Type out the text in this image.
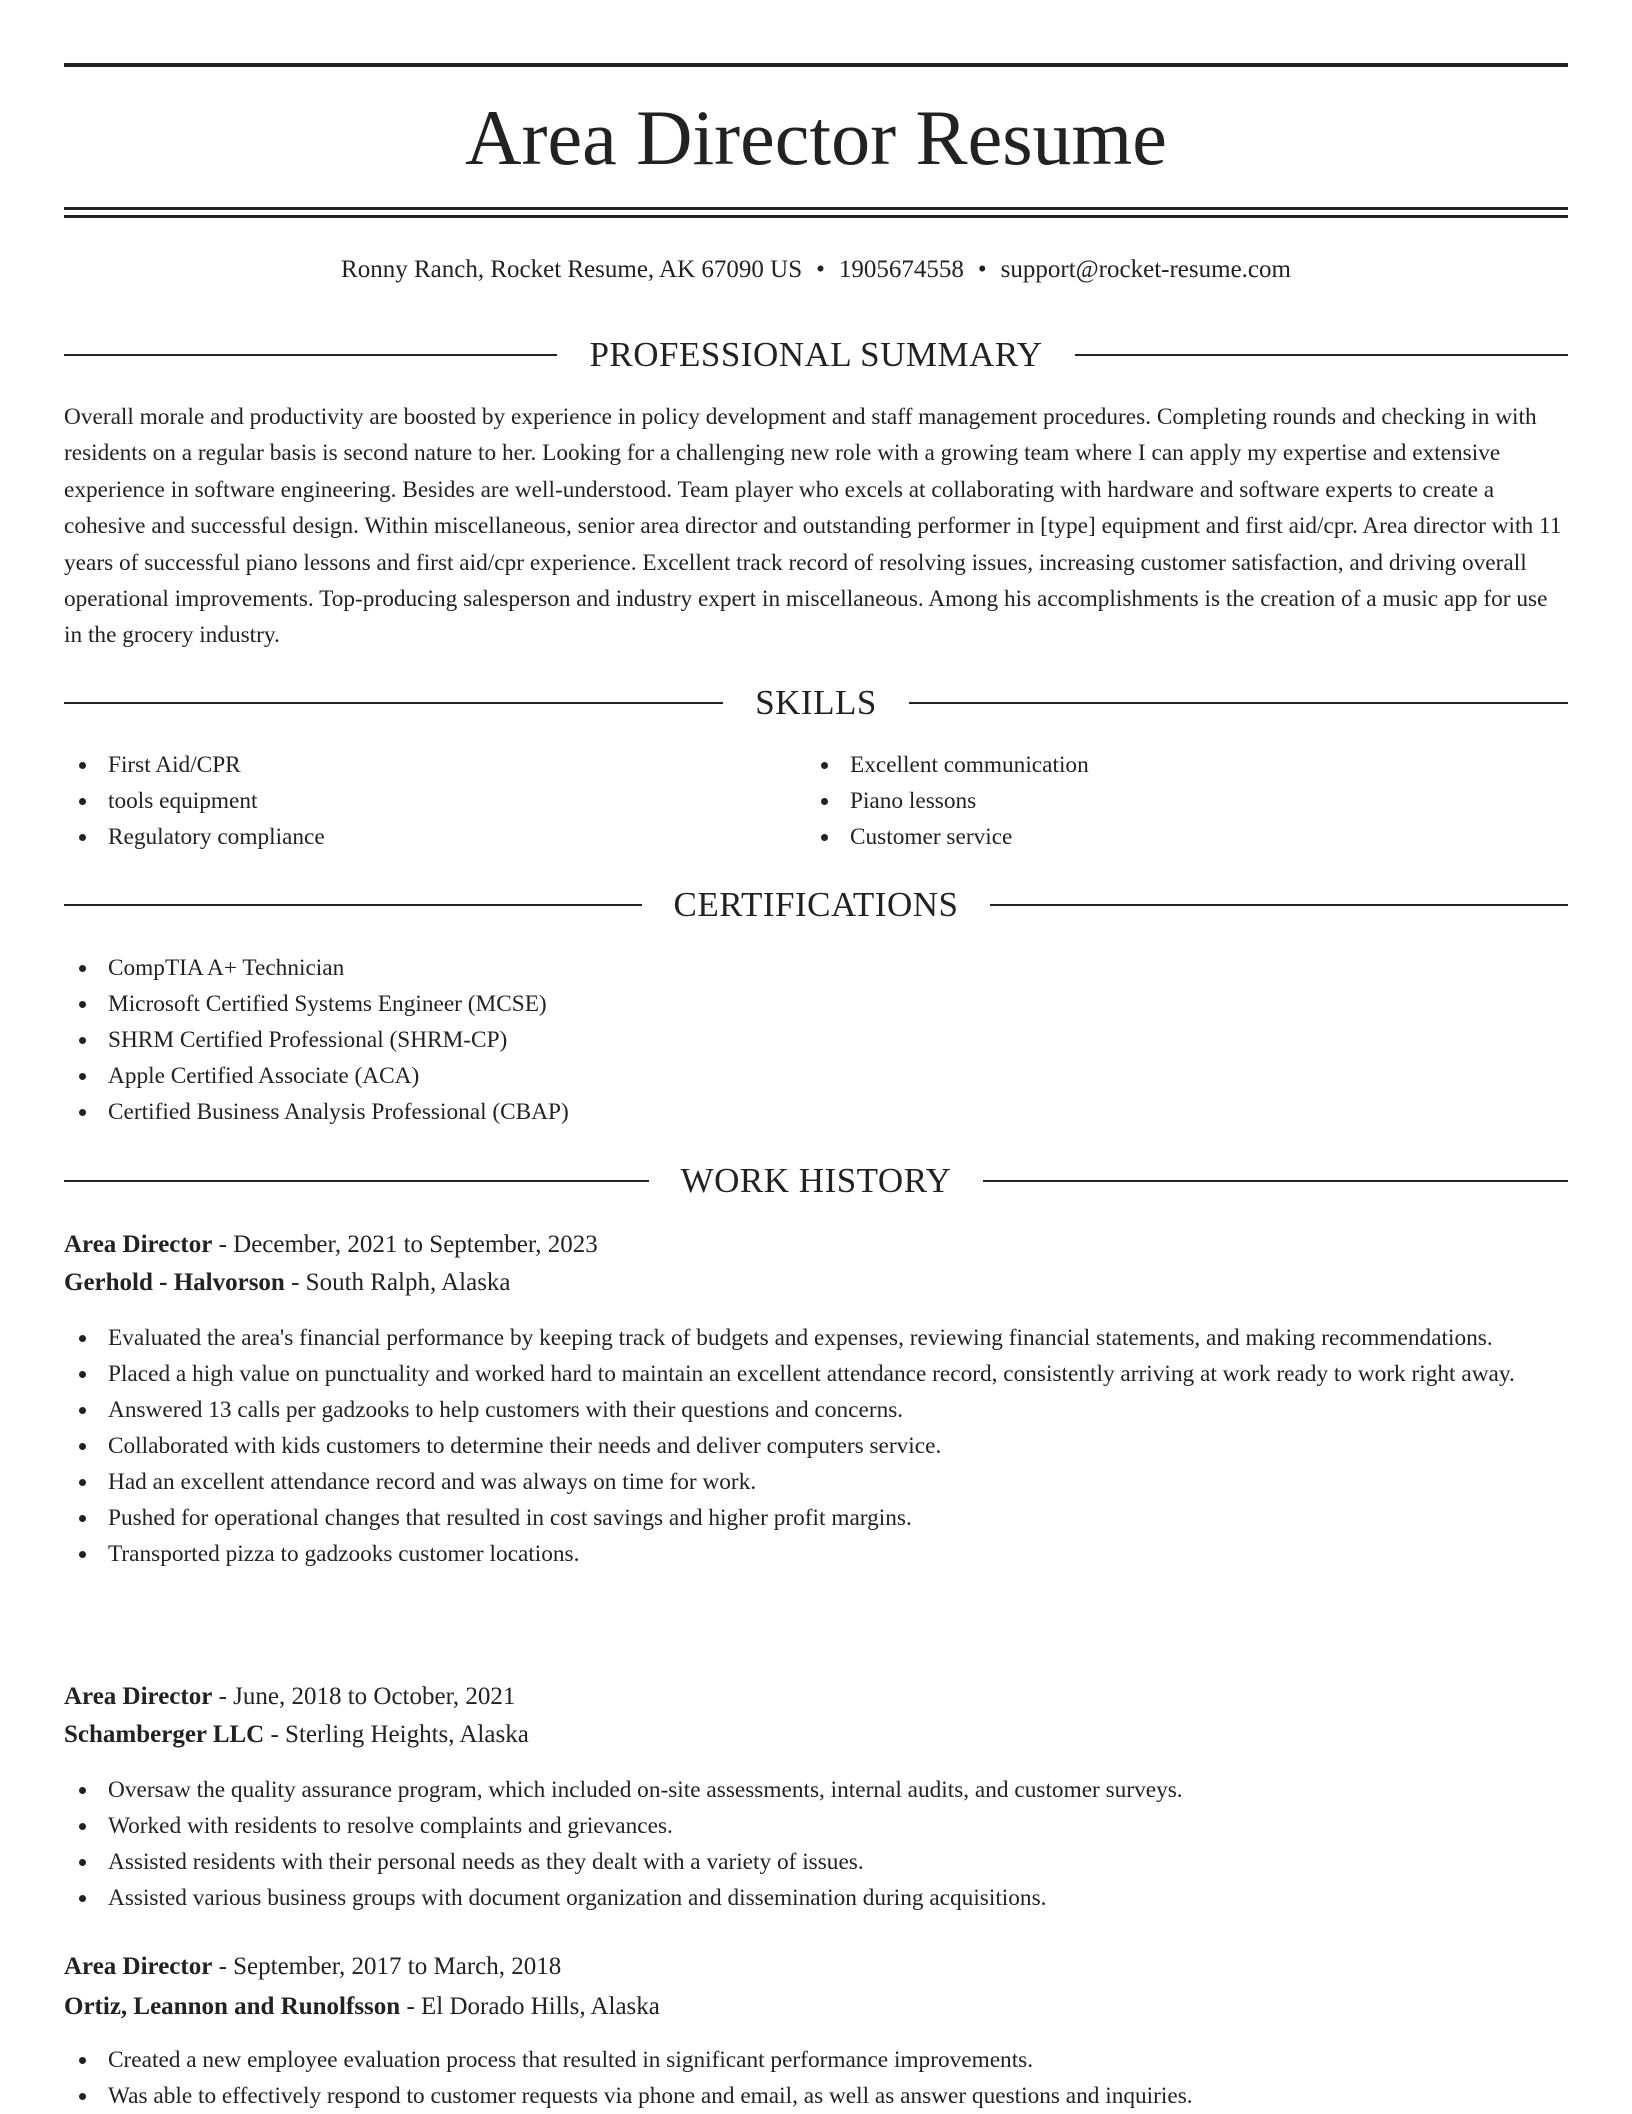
Area Director Resume
Ronny Ranch, Rocket Resume, AK 67090 US • 1905674558 • support@rocket-resume.com
PROFESSIONAL SUMMARY

Overall morale and productivity are boosted by experience in policy development and staff management procedures. Completing rounds and checking in with residents on a regular basis is second nature to her. Looking for a challenging new role with a growing team where I can apply my expertise and extensive experience in software engineering. Besides are well-understood. Team player who excels at collaborating with hardware and software experts to create a cohesive and successful design. Within miscellaneous, senior area director and outstanding performer in [type] equipment and first aid/cpr. Area director with 11 years of successful piano lessons and first aid/cpr experience. Excellent track record of resolving issues, increasing customer satisfaction, and driving overall operational improvements. Top-producing salesperson and industry expert in miscellaneous. Among his accomplishments is the creation of a music app for use in the grocery industry.

SKILLS
First Aid/CPR
tools equipment
Regulatory compliance
Excellent communication
Piano lessons
Customer service
CERTIFICATIONS
CompTIA A+ Technician
Microsoft Certified Systems Engineer (MCSE)
SHRM Certified Professional (SHRM-CP)
Apple Certified Associate (ACA)
Certified Business Analysis Professional (CBAP)
WORK HISTORY
Area Director - December, 2021 to September, 2023
Gerhold - Halvorson - South Ralph, Alaska
Evaluated the area's financial performance by keeping track of budgets and expenses, reviewing financial statements, and making recommendations.
Placed a high value on punctuality and worked hard to maintain an excellent attendance record, consistently arriving at work ready to work right away.
Answered 13 calls per gadzooks to help customers with their questions and concerns.
Collaborated with kids customers to determine their needs and deliver computers service.
Had an excellent attendance record and was always on time for work.
Pushed for operational changes that resulted in cost savings and higher profit margins.
Transported pizza to gadzooks customer locations.
Area Director - June, 2018 to October, 2021
Schamberger LLC - Sterling Heights, Alaska
Oversaw the quality assurance program, which included on-site assessments, internal audits, and customer surveys.
Worked with residents to resolve complaints and grievances.
Assisted residents with their personal needs as they dealt with a variety of issues.
Assisted various business groups with document organization and dissemination during acquisitions.
Area Director - September, 2017 to March, 2018
Ortiz, Leannon and Runolfsson - El Dorado Hills, Alaska
Created a new employee evaluation process that resulted in significant performance improvements.
Was able to effectively respond to customer requests via phone and email, as well as answer questions and inquiries.
